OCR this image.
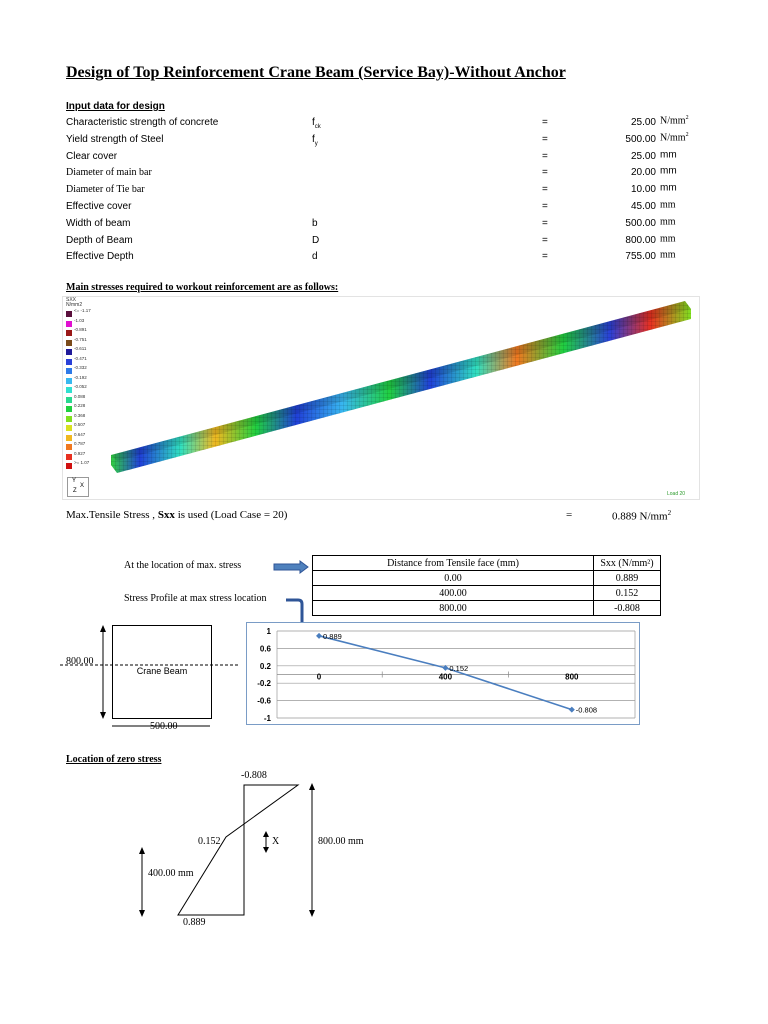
Design of Top Reinforcement Crane Beam (Service Bay)-Without Anchor
Input data for design
Characteristic strength of concrete	$f_{ck}$	=	25.00 $N/mm^2$
Yield strength of Steel	$f_y$	=	500.00 $N/mm^2$
Clear cover	=	25.00 mm
Diameter of main bar	=	20.00 mm
Diameter of Tie bar	=	10.00 mm
Effective cover	=	45.00 mm
Width of beam	b	=	500.00 mm
Depth of Beam	D	=	800.00 mm
Effective Depth	d	=	755.00 mm
Main stresses required to workout reinforcement are as follows:
SXX
N/mm2
<= -1.17
-1.03
-0.891
-0.751
-0.611
-0.471
-0.332
-0.192
-0.052
0.088
0.228
0.368
0.507
0.647
0.787
0.927
>= 1.07
Y
X
Z	Load 20
Max.Tensile Stress , Sxx is used (Load Case = 20)	=	0.889 $N/mm^2$
At the location of max. stress
Stress Profile at max stress location
Distance from Tensile face (mm)	Sxx (N/mm²)
0.00	0.889
400.00	0.152
800.00	-0.808
Crane Beam
800.00
500.00
1
0.6
0.2
-0.2
-0.6
-1
0	400	800
0.889
0.152
-0.808
Location of zero stress
-0.808
0.152	X	800.00 mm
400.00 mm
0.889
